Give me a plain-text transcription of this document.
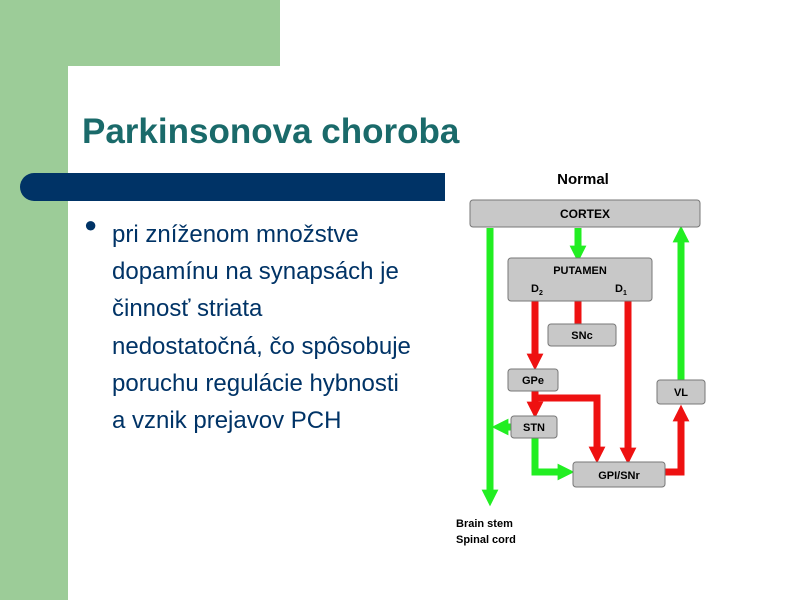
Parkinsonova choroba
● pri zníženom množstve dopamínu na synapsách je činnosť striata nedostatočná, čo spôsobuje poruchu regulácie hybnosti a vznik prejavov PCH

Normal
CORTEX
PUTAMEN
$D_2$	$D_1$
SNc
GPe
STN
GPI/SNr
VL
Brain stem
Spinal cord
